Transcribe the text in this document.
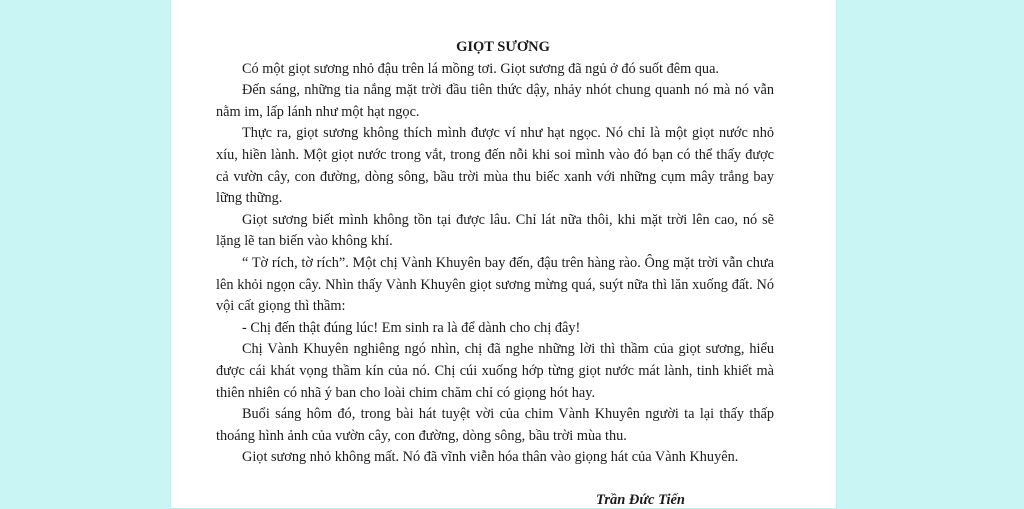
GIỌT SƯƠNG

Có một giọt sương nhỏ đậu trên lá mồng tơi. Giọt sương đã ngủ ở đó suốt đêm qua.

Đến sáng, những tia nắng mặt trời đầu tiên thức dậy, nhảy nhót chung quanh nó mà nó vẫn nằm im, lấp lánh như một hạt ngọc.

Thực ra, giọt sương không thích mình được ví như hạt ngọc. Nó chỉ là một giọt nước nhỏ xíu, hiền lành. Một giọt nước trong vắt, trong đến nỗi khi soi mình vào đó bạn có thể thấy được cả vườn cây, con đường, dòng sông, bầu trời mùa thu biếc xanh với những cụm mây trắng bay lững thững.

Giọt sương biết mình không tồn tại được lâu. Chỉ lát nữa thôi, khi mặt trời lên cao, nó sẽ lặng lẽ tan biến vào không khí.

“ Tờ rích, tờ rích”. Một chị Vành Khuyên bay đến, đậu trên hàng rào. Ông mặt trời vẫn chưa lên khỏi ngọn cây. Nhìn thấy Vành Khuyên giọt sương mừng quá, suýt nữa thì lăn xuống đất. Nó vội cất giọng thì thầm:

- Chị đến thật đúng lúc! Em sinh ra là để dành cho chị đây!

Chị Vành Khuyên nghiêng ngó nhìn, chị đã nghe những lời thì thầm của giọt sương, hiểu được cái khát vọng thầm kín của nó. Chị cúi xuống hớp từng giọt nước mát lành, tinh khiết mà thiên nhiên có nhã ý ban cho loài chim chăm chỉ có giọng hót hay.

Buổi sáng hôm đó, trong bài hát tuyệt vời của chim Vành Khuyên người ta lại thấy thấp thoáng hình ảnh của vườn cây, con đường, dòng sông, bầu trời mùa thu.

Giọt sương nhỏ không mất. Nó đã vĩnh viễn hóa thân vào giọng hát của Vành Khuyên.

Trần Đức Tiến
